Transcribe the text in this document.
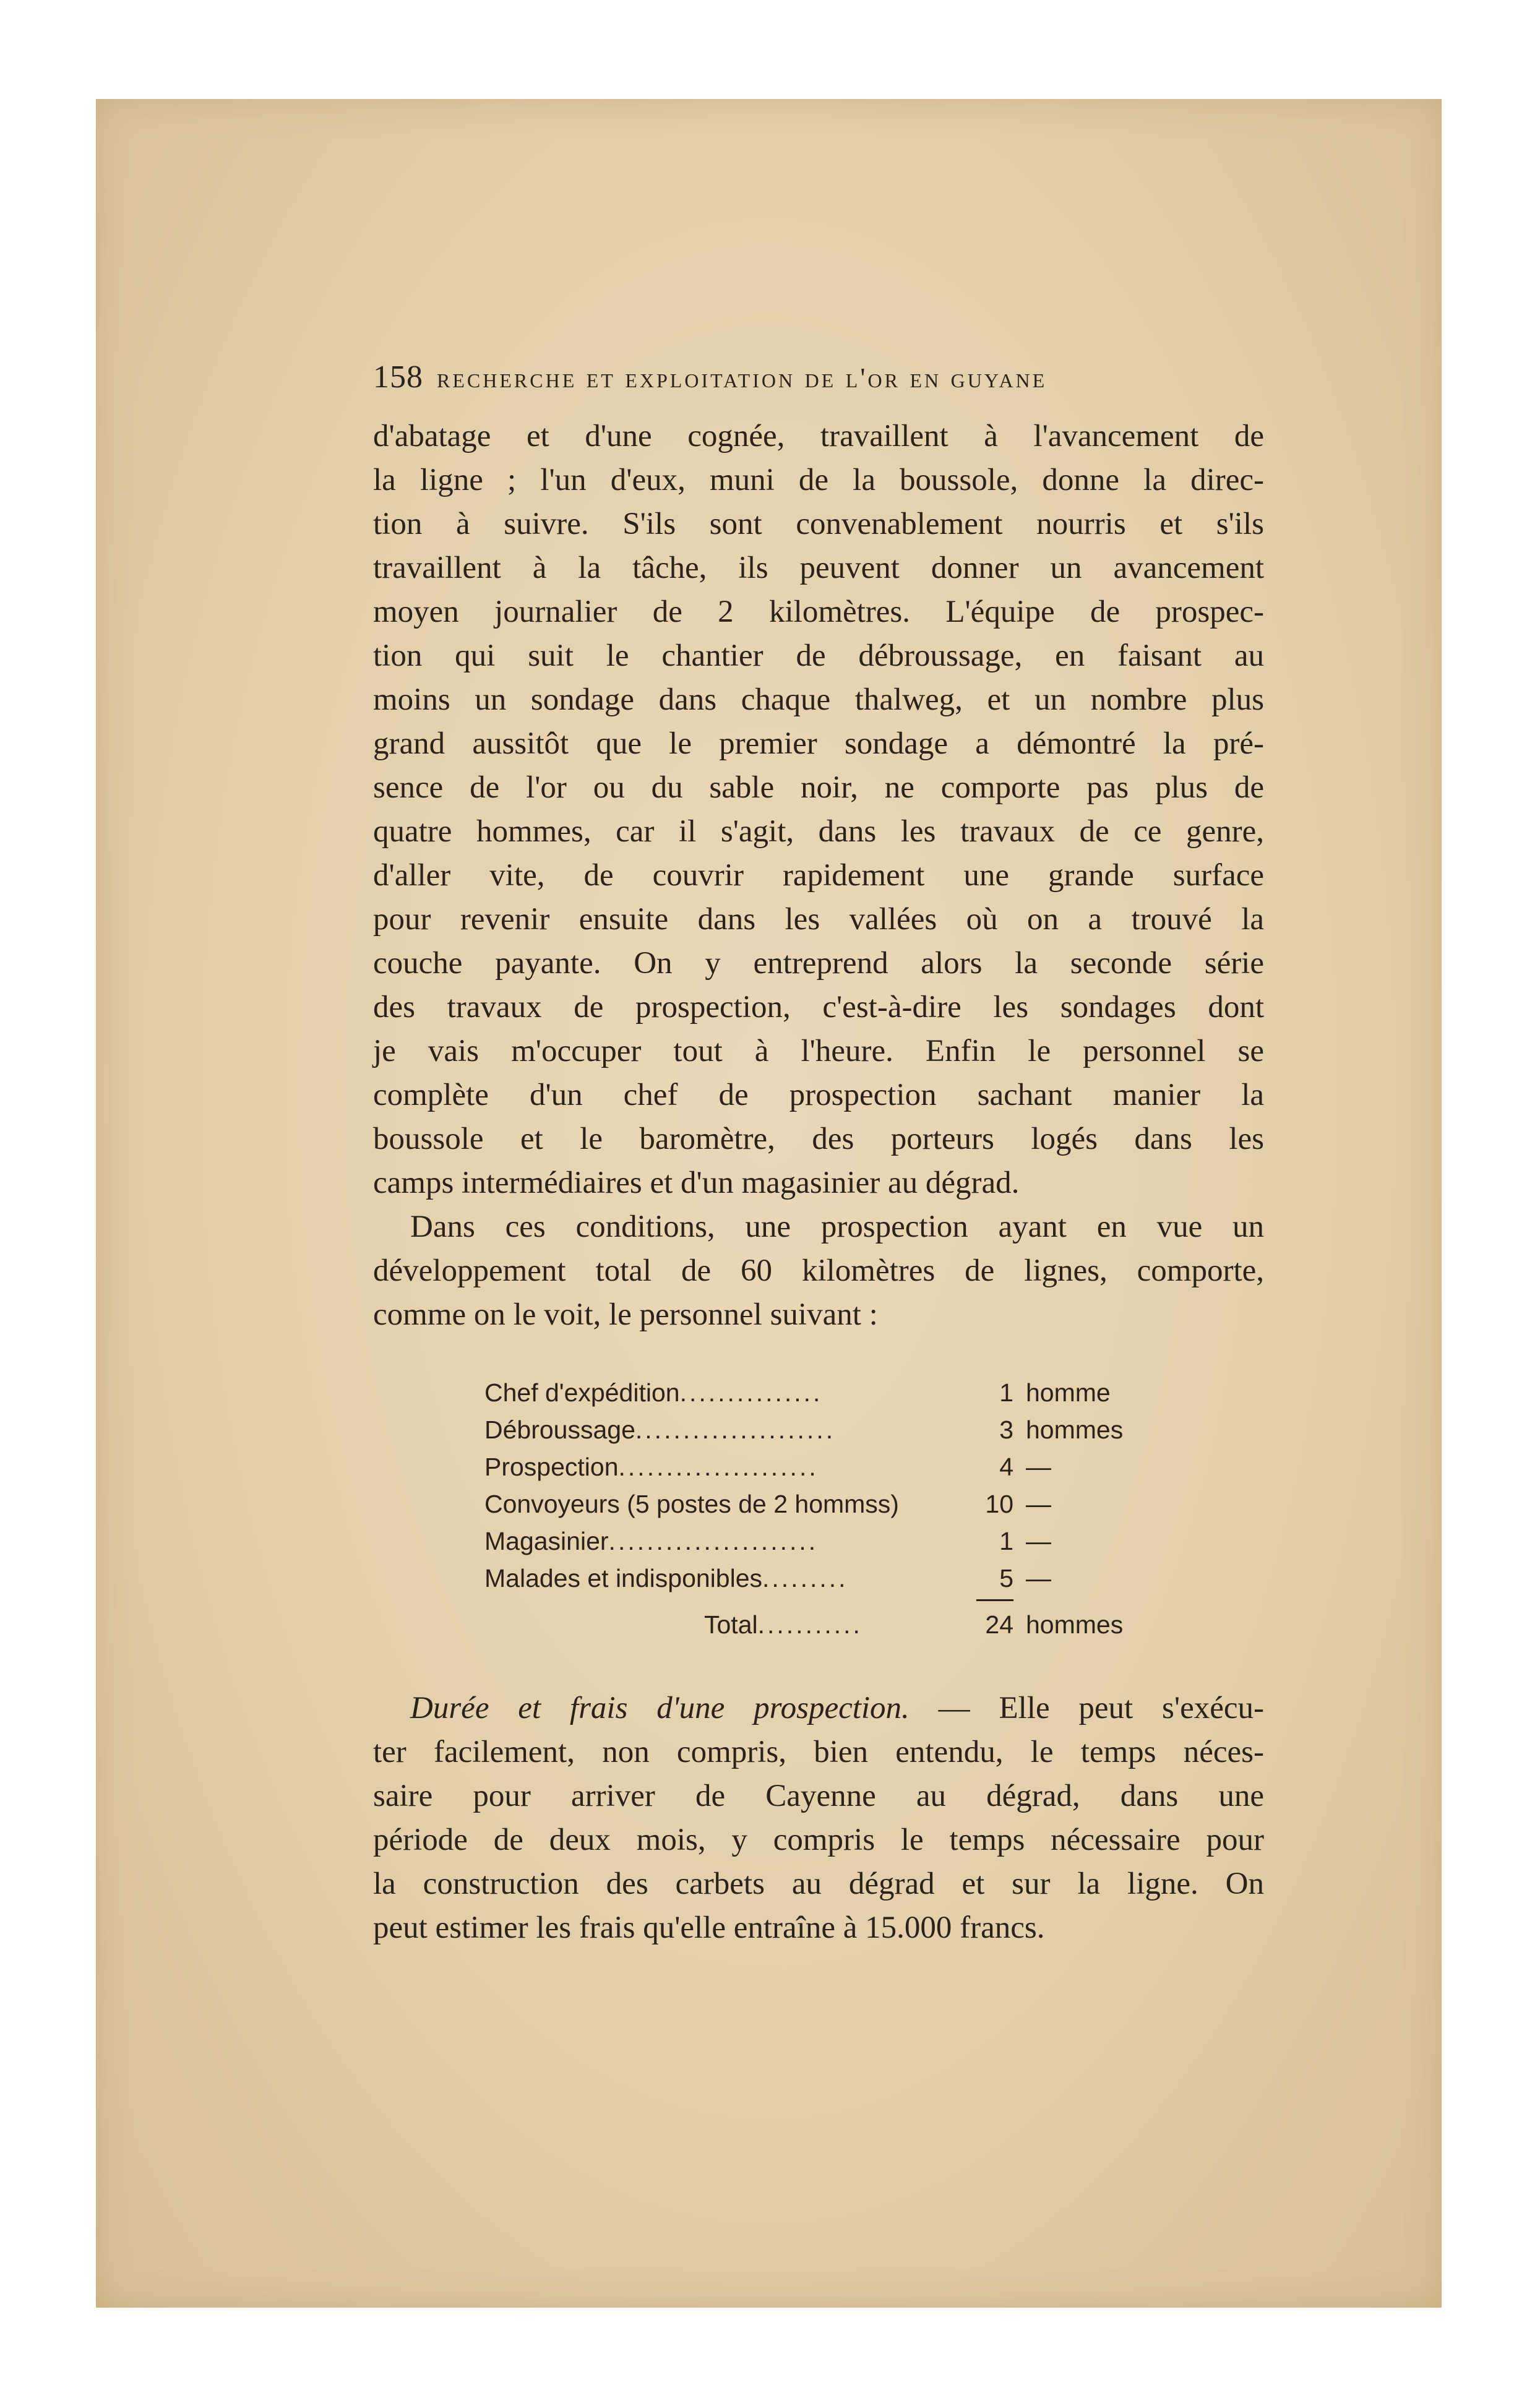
158 recherche et exploitation de l'or en guyane

d'abatage et d'une cognée, travaillent à l'avancement de
la ligne ; l'un d'eux, muni de la boussole, donne la direc-
tion à suivre. S'ils sont convenablement nourris et s'ils
travaillent à la tâche, ils peuvent donner un avancement
moyen journalier de 2 kilomètres. L'équipe de prospec-
tion qui suit le chantier de débroussage, en faisant au
moins un sondage dans chaque thalweg, et un nombre plus
grand aussitôt que le premier sondage a démontré la pré-
sence de l'or ou du sable noir, ne comporte pas plus de
quatre hommes, car il s'agit, dans les travaux de ce genre,
d'aller vite, de couvrir rapidement une grande surface
pour revenir ensuite dans les vallées où on a trouvé la
couche payante. On y entreprend alors la seconde série
des travaux de prospection, c'est-à-dire les sondages dont
je vais m'occuper tout à l'heure. Enfin le personnel se
complète d'un chef de prospection sachant manier la
boussole et le baromètre, des porteurs logés dans les
camps intermédiaires et d'un magasinier au dégrad.

Dans ces conditions, une prospection ayant en vue un
développement total de 60 kilomètres de lignes, comporte,
comme on le voit, le personnel suivant :

Chef d'expédition...............	1 homme
Débroussage.....................	3 hommes
Prospection.....................	4 —
Convoyeurs (5 postes de 2 hommss)	10 —
Magasinier......................	1 —
Malades et indisponibles.........	5 —
Total...........	24 hommes

Durée et frais d'une prospection. — Elle peut s'exécu-
ter facilement, non compris, bien entendu, le temps néces-
saire pour arriver de Cayenne au dégrad, dans une
période de deux mois, y compris le temps nécessaire pour
la construction des carbets au dégrad et sur la ligne. On
peut estimer les frais qu'elle entraîne à 15.000 francs.
